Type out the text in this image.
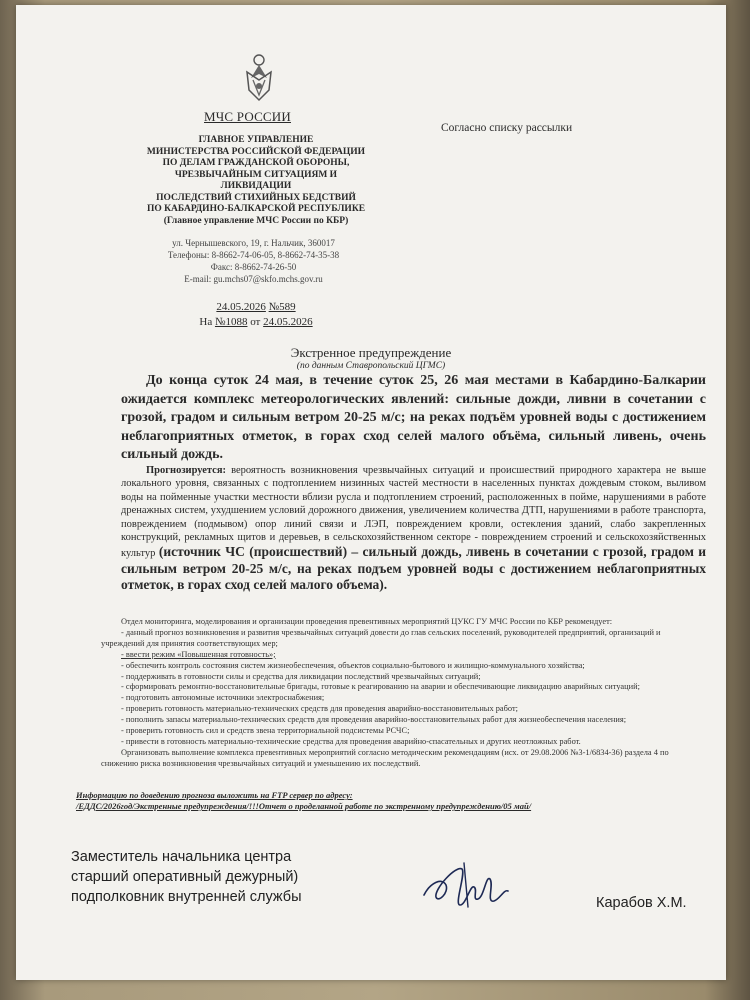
МЧС РОССИИ
ГЛАВНОЕ УПРАВЛЕНИЕ
МИНИСТЕРСТВА РОССИЙСКОЙ ФЕДЕРАЦИИ
ПО ДЕЛАМ ГРАЖДАНСКОЙ ОБОРОНЫ,
ЧРЕЗВЫЧАЙНЫМ СИТУАЦИЯМ И
ЛИКВИДАЦИИ
ПОСЛЕДСТВИЙ СТИХИЙНЫХ БЕДСТВИЙ
ПО КАБАРДИНО-БАЛКАРСКОЙ РЕСПУБЛИКЕ
(Главное управление МЧС России по КБР)
ул. Чернышевского, 19, г. Нальчик, 360017
Телефоны: 8-8662-74-06-05, 8-8662-74-35-38
Факс: 8-8662-74-26-50
E-mail: gu.mchs07@skfo.mchs.gov.ru
24.05.2026 №589
На №1088 от 24.05.2026
Согласно списку рассылки
Экстренное предупреждение
(по данным Ставропольский ЦГМС)
До конца суток 24 мая, в течение суток 25, 26 мая местами в Кабардино-Балкарии ожидается комплекс метеорологических явлений: сильные дожди, ливни в сочетании с грозой, градом и сильным ветром 20-25 м/с; на реках подъём уровней воды с достижением неблагоприятных отметок, в горах сход селей малого объёма, сильный ливень, очень сильный дождь.
Прогнозируется: вероятность возникновения чрезвычайных ситуаций и происшествий природного характера не выше локального уровня, связанных с подтоплением низинных частей местности в населенных пунктах дождевым стоком, выливом воды на пойменные участки местности вблизи русла и подтоплением строений, расположенных в пойме, нарушениями в работе дренажных систем, ухудшением условий дорожного движения, увеличением количества ДТП, нарушениями в работе транспорта, повреждением (подмывом) опор линий связи и ЛЭП, повреждением кровли, остекления зданий, слабо закрепленных конструкций, рекламных щитов и деревьев, в сельскохозяйственном секторе - повреждением строений и сельскохозяйственных культур (источник ЧС (происшествий) – сильный дождь, ливень в сочетании с грозой, градом и сильным ветром 20-25 м/с, на реках подъем уровней воды с достижением неблагоприятных отметок, в горах сход селей малого объема).
Отдел мониторинга, моделирования и организации проведения превентивных мероприятий ЦУКС ГУ МЧС России по КБР рекомендует:
- данный прогноз возникновения и развития чрезвычайных ситуаций довести до глав сельских поселений, руководителей предприятий, организаций и учреждений для принятия соответствующих мер;
- ввести режим «Повышенная готовность»;
- обеспечить контроль состояния систем жизнеобеспечения, объектов социально-бытового и жилищно-коммунального хозяйства;
- поддерживать в готовности силы и средства для ликвидации последствий чрезвычайных ситуаций;
- сформировать ремонтно-восстановительные бригады, готовые к реагированию на аварии и обеспечивающие ликвидацию аварийных ситуаций;
- подготовить автономные источники электроснабжения;
- проверить готовность материально-технических средств для проведения аварийно-восстановительных работ;
- пополнить запасы материально-технических средств для проведения аварийно-восстановительных работ для жизнеобеспечения населения;
- проверить готовность сил и средств звена территориальной подсистемы РСЧС;
- привести в готовность материально-технические средства для проведения аварийно-спасательных и других неотложных работ.
Организовать выполнение комплекса превентивных мероприятий согласно методическим рекомендациям (исх. от 29.08.2006 №3-1/6834-36) раздела 4 по снижению риска возникновения чрезвычайных ситуаций и уменьшению их последствий.
Информацию по доведению прогноза выложить на FTP сервер по адресу:
/ЕДДС/2026год/Экстренные предупреждения/!!!Отчет о проделанной работе по экстренному предупреждению/05 май/
Заместитель начальника центра
старший оперативный дежурный)
подполковник внутренней службы	Карабов Х.М.
